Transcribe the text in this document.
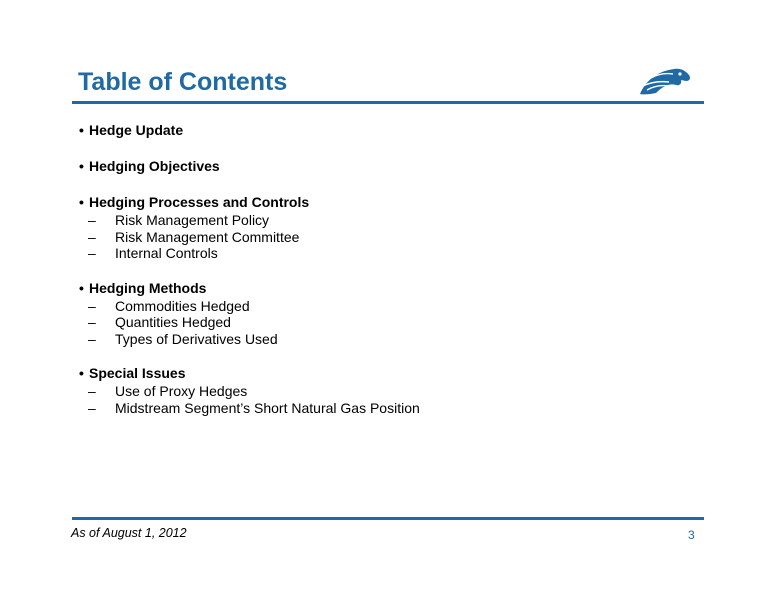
Table of Contents
• Hedge Update
• Hedging Objectives
• Hedging Processes and Controls
– Risk Management Policy
– Risk Management Committee
– Internal Controls
• Hedging Methods
– Commodities Hedged
– Quantities Hedged
– Types of Derivatives Used
• Special Issues
– Use of Proxy Hedges
– Midstream Segment’s Short Natural Gas Position
As of August 1, 2012	3
